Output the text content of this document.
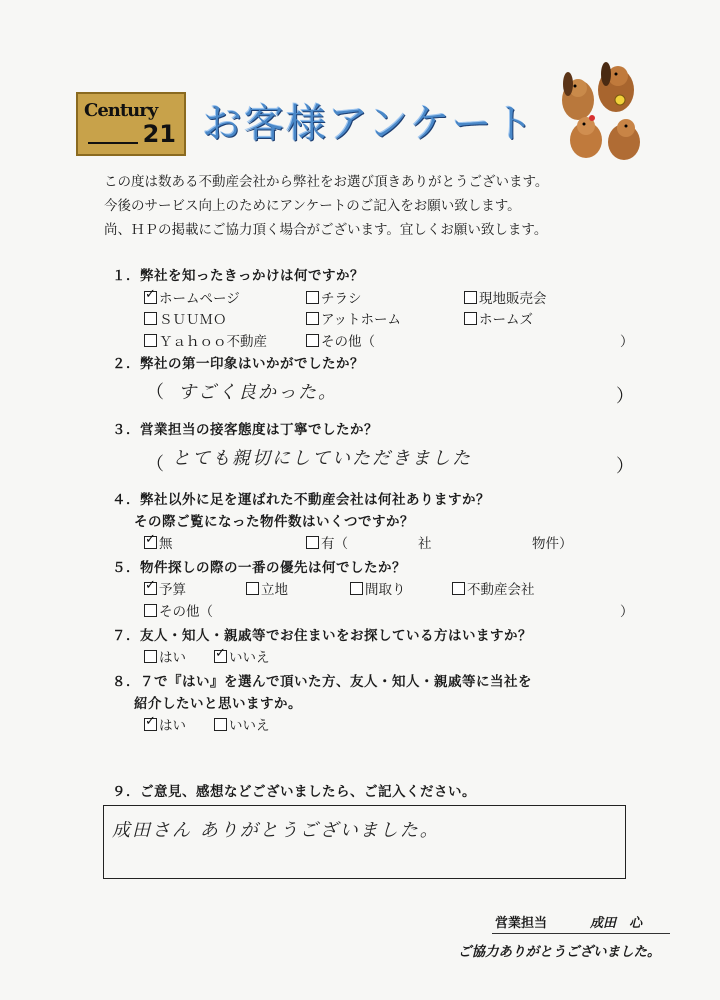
Century
21 お客様アンケート
この度は数ある不動産会社から弊社をお選び頂きありがとうございます。
今後のサービス向上のためにアンケートのご記入をお願い致します。
尚、ＨＰの掲載にご協力頂く場合がございます。宜しくお願い致します。
１．弊社を知ったきっかけは何ですか？
✓ホームページ	チラシ	現地販売会
ＳＵＵＭＯ	アットホーム	ホームズ
Ｙａｈｏｏ不動産	その他（	）
２．弊社の第一印象はいかがでしたか？
（ すごく良かった。	）
３．営業担当の接客態度は丁寧でしたか？
（ とても親切にしていただきました	）
４．弊社以外に足を運ばれた不動産会社は何社ありますか？
その際ご覧になった物件数はいくつですか？
✓無	有（	社	物件）
５．物件探しの際の一番の優先は何でしたか？
✓予算	立地	間取り	不動産会社
その他（	）
７．友人・知人・親戚等でお住まいをお探している方はいますか？
はい
✓	いいえ
８．７で『はい』を選んで頂いた方、友人・知人・親戚等に当社を
紹介したいと思いますか。
✓はい	いいえ
９．ご意見、感想などございましたら、ご記入ください。
成田さん ありがとうございました。
営業担当	成田　心
ご協力ありがとうございました。
